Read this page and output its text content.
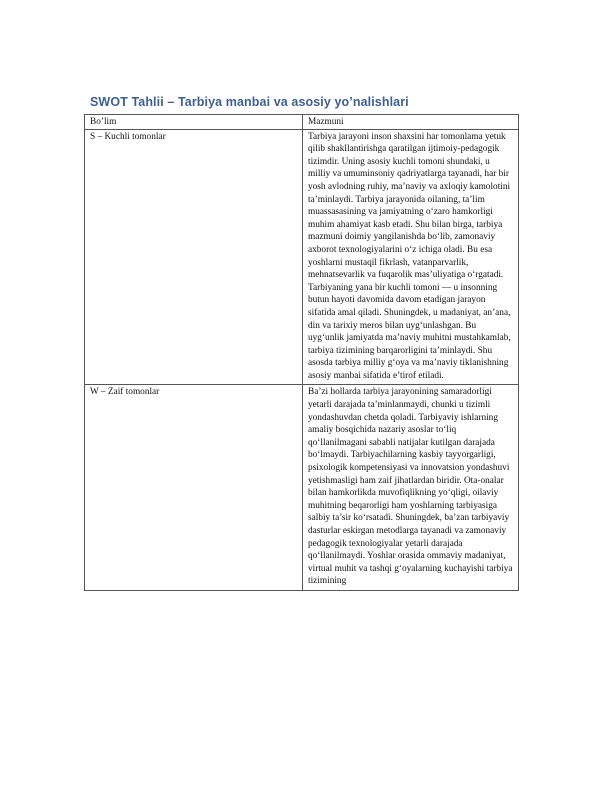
SWOT Tahlii – Tarbiya manbai va asosiy yo’nalishlari
Bo’lim	Mazmuni
S – Kuchli tomonlar	Tarbiya jarayoni inson shaxsini har tomonlama yetuk qilib shakllantirishga qaratilgan ijtimoiy-pedagogik tizimdir. Uning asosiy kuchli tomoni shundaki, u milliy va umuminsoniy qadriyatlarga tayanadi, har bir yosh avlodning ruhiy, ma’naviy va axloqiy kamolotini ta’minlaydi. Tarbiya jarayonida oilaning, ta’lim muassasasining va jamiyatning o‘zaro hamkorligi muhim ahamiyat kasb etadi. Shu bilan birga, tarbiya mazmuni doimiy yangilanishda bo‘lib, zamonaviy axborot texnologiyalarini o‘z ichiga oladi. Bu esa yoshlarni mustaqil fikrlash, vatanparvarlik, mehnatsevarlik va fuqarolik mas’uliyatiga o‘rgatadi. Tarbiyaning yana bir kuchli tomoni — u insonning butun hayoti davomida davom etadigan jarayon sifatida amal qiladi. Shuningdek, u madaniyat, an’ana, din va tarixiy meros bilan uyg‘unlashgan. Bu uyg‘unlik jamiyatda ma’naviy muhitni mustahkamlab, tarbiya tizimining barqarorligini ta’minlaydi. Shu asosda tarbiya milliy g‘oya va ma’naviy tiklanishning asosiy manbai sifatida e’tirof etiladi.
W – Zaif tomonlar	Ba’zi hollarda tarbiya jarayonining samaradorligi yetarli darajada ta’minlanmaydi, chunki u tizimli yondashuvdan chetda qoladi. Tarbiyaviy ishlarning amaliy bosqichida nazariy asoslar to‘liq qo‘llanilmagani sababli natijalar kutilgan darajada bo‘lmaydi. Tarbiyachilarning kasbiy tayyorgarligi, psixologik kompetensiyasi va innovatsion yondashuvi yetishmasligi ham zaif jihatlardan biridir. Ota-onalar bilan hamkorlikda muvofiqlikning yo‘qligi, oilaviy muhitning beqarorligi ham yoshlarning tarbiyasiga salbiy ta’sir ko‘rsatadi. Shuningdek, ba’zan tarbiyaviy dasturlar eskirgan metodlarga tayanadi va zamonaviy pedagogik texnologiyalar yetarli darajada qo‘llanilmaydi. Yoshlar orasida ommaviy madaniyat, virtual muhit va tashqi g‘oyalarning kuchayishi tarbiya tizimining
